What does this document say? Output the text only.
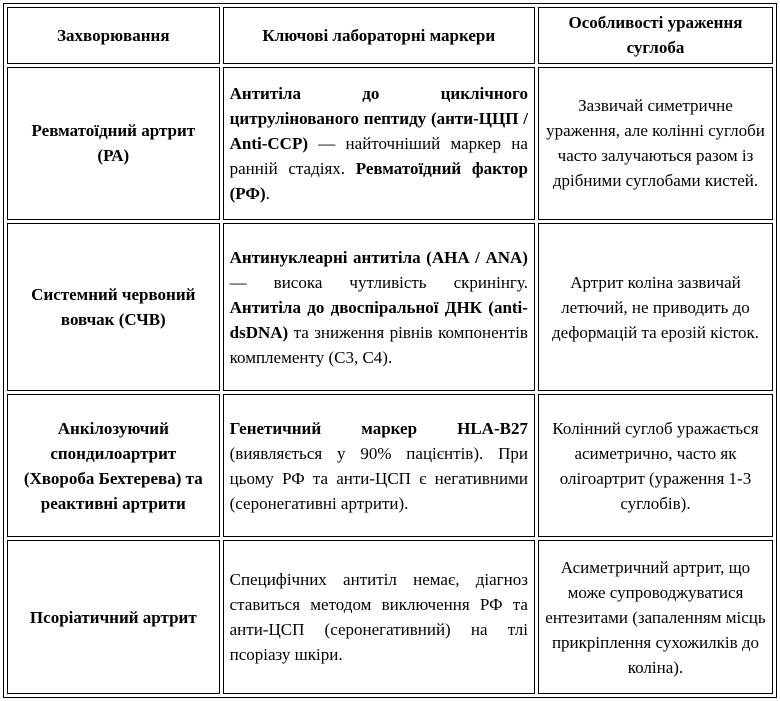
Захворювання	Ключові лабораторні маркери	Особливості ураження суглоба
Ревматоїдний артрит (РА)	Антитіла до циклічного цитрулінованого пептиду (анти-ЦЦП / Anti-CCP) — найточніший маркер на ранній стадіях. Ревматоїдний фактор (РФ).	Зазвичай симетричне ураження, але колінні суглоби часто залучаються разом із дрібними суглобами кистей.
Системний червоний вовчак (СЧВ)	Антинуклеарні антитіла (АНА / ANA) — висока чутливість скринінгу. Антитіла до двоспіральної ДНК (anti-dsDNA) та зниження рівнів компонентів комплементу (C3, C4).	Артрит коліна зазвичай летючий, не приводить до деформацій та ерозій кісток.
Анкілозуючий спондилоартрит (Хвороба Бехтерева) та реактивні артрити	Генетичний маркер HLA-B27 (виявляється у 90% пацієнтів). При цьому РФ та анти-ЦСП є негативними (серонегативні артрити).	Колінний суглоб уражається асиметрично, часто як олігоартрит (ураження 1-3 суглобів).
Псоріатичний артрит	Специфічних антитіл немає, діагноз ставиться методом виключення РФ та анти-ЦСП (серонегативний) на тлі псоріазу шкіри.	Асиметричний артрит, що може супроводжуватися ентезитами (запаленням місць прикріплення сухожилків до коліна).
